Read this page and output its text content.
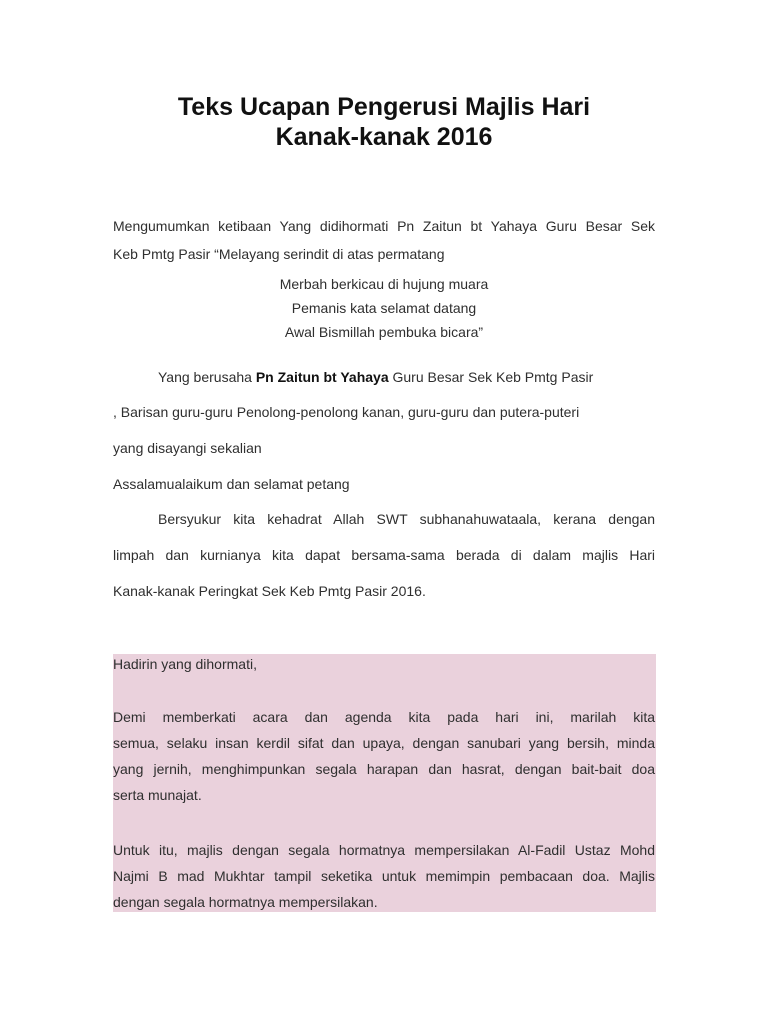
Teks Ucapan Pengerusi Majlis Hari
Kanak-kanak 2016
Mengumumkan ketibaan Yang didihormati Pn Zaitun bt Yahaya Guru Besar Sek
Keb Pmtg Pasir “Melayang serindit di atas permatang
Merbah berkicau di hujung muara
Pemanis kata selamat datang
Awal Bismillah pembuka bicara”
Yang berusaha Pn Zaitun bt Yahaya Guru Besar Sek Keb Pmtg Pasir
, Barisan guru-guru Penolong-penolong kanan, guru-guru dan putera-puteri
yang disayangi sekalian
Assalamualaikum dan selamat petang
Bersyukur kita kehadrat Allah SWT subhanahuwataala, kerana dengan
limpah dan kurnianya kita dapat bersama-sama berada di dalam majlis Hari
Kanak-kanak Peringkat Sek Keb Pmtg Pasir 2016.
Hadirin yang dihormati,
Demi memberkati acara dan agenda kita pada hari ini, marilah kita
semua, selaku insan kerdil sifat dan upaya, dengan sanubari yang bersih, minda
yang jernih, menghimpunkan segala harapan dan hasrat, dengan bait-bait doa
serta munajat.
Untuk itu, majlis dengan segala hormatnya mempersilakan Al-Fadil Ustaz Mohd
Najmi B mad Mukhtar tampil seketika untuk memimpin pembacaan doa. Majlis
dengan segala hormatnya mempersilakan.
